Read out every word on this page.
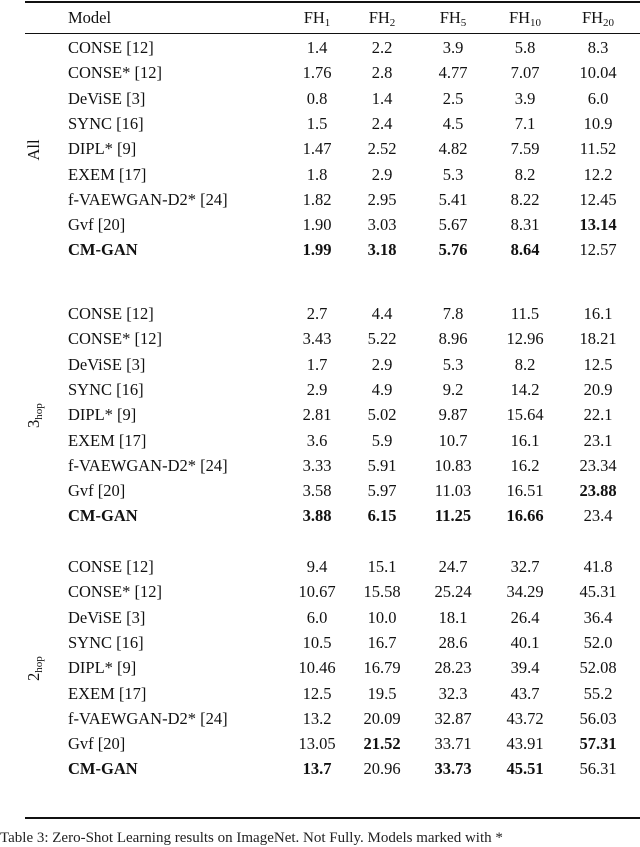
Model	$FH_1$	$FH_2$	$FH_5$	$FH_{10}$	$FH_{20}$
All
CONSE [12]	1.4	2.2	3.9	5.8	8.3
CONSE* [12]	1.76	2.8	4.77	7.07	10.04
DeViSE [3]	0.8	1.4	2.5	3.9	6.0
SYNC [16]	1.5	2.4	4.5	7.1	10.9
DIPL* [9]	1.47	2.52	4.82	7.59	11.52
EXEM [17]	1.8	2.9	5.3	8.2	12.2
f-VAEWGAN-D2* [24]	1.82	2.95	5.41	8.22	12.45
Gvf [20]	1.90	3.03	5.67	8.31	13.14
CM-GAN	1.99	3.18	5.76	8.64	12.57
$3_{hop}$
CONSE [12]	2.7	4.4	7.8	11.5	16.1
CONSE* [12]	3.43	5.22	8.96	12.96	18.21
DeViSE [3]	1.7	2.9	5.3	8.2	12.5
SYNC [16]	2.9	4.9	9.2	14.2	20.9
DIPL* [9]	2.81	5.02	9.87	15.64	22.1
EXEM [17]	3.6	5.9	10.7	16.1	23.1
f-VAEWGAN-D2* [24]	3.33	5.91	10.83	16.2	23.34
Gvf [20]	3.58	5.97	11.03	16.51	23.88
CM-GAN	3.88	6.15	11.25	16.66	23.4
$2_{hop}$
CONSE [12]	9.4	15.1	24.7	32.7	41.8
CONSE* [12]	10.67	15.58	25.24	34.29	45.31
DeViSE [3]	6.0	10.0	18.1	26.4	36.4
SYNC [16]	10.5	16.7	28.6	40.1	52.0
DIPL* [9]	10.46	16.79	28.23	39.4	52.08
EXEM [17]	12.5	19.5	32.3	43.7	55.2
f-VAEWGAN-D2* [24]	13.2	20.09	32.87	43.72	56.03
Gvf [20]	13.05	21.52	33.71	43.91	57.31
CM-GAN	13.7	20.96	33.73	45.51	56.31
Table 3: Zero-Shot Learning results on ImageNet. Not Fully. Models marked with *
